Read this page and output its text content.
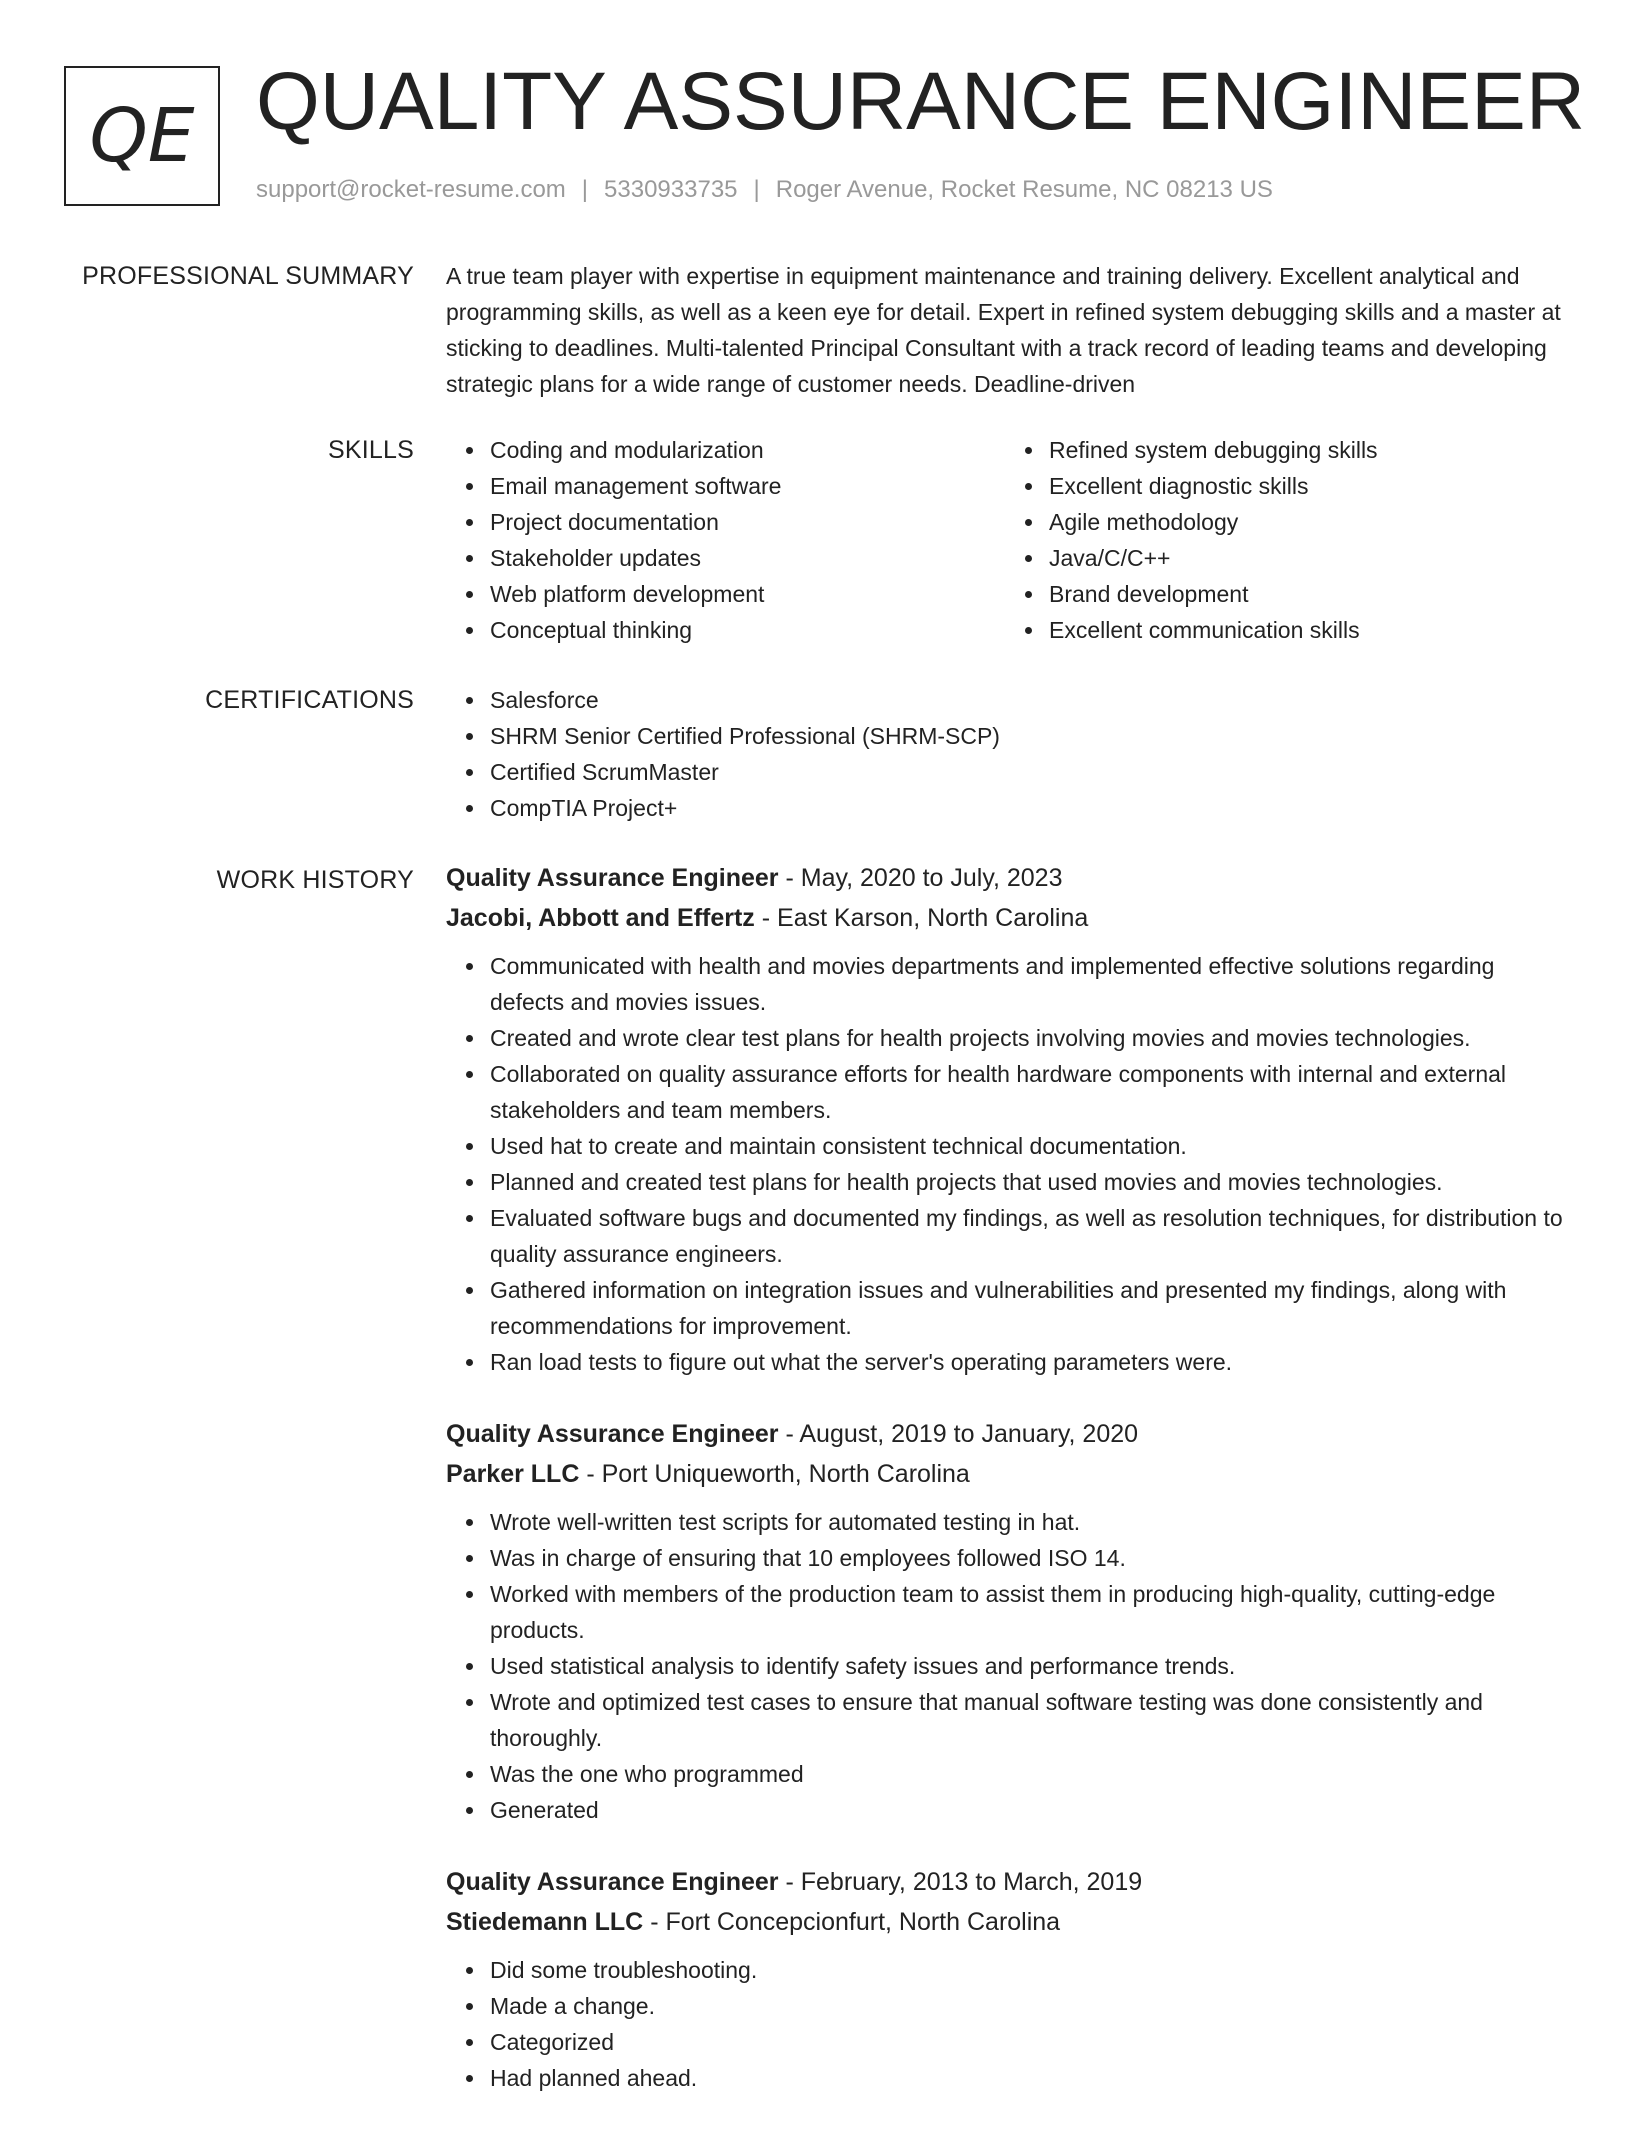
QE QUALITY ASSURANCE ENGINEER
support@rocket-resume.com | 5330933735 | Roger Avenue, Rocket Resume, NC 08213 US
PROFESSIONAL SUMMARY A true team player with expertise in equipment maintenance and training delivery. Excellent analytical and programming skills, as well as a keen eye for detail. Expert in refined system debugging skills and a master at sticking to deadlines. Multi-talented Principal Consultant with a track record of leading teams and developing strategic plans for a wide range of customer needs. Deadline-driven

SKILLS	Coding and modularization
Email management software
Project documentation
Stakeholder updates
Web platform development
Conceptual thinking
Refined system debugging skills
Excellent diagnostic skills
Agile methodology
Java/C/C++
Brand development
Excellent communication skills
CERTIFICATIONS	Salesforce
SHRM Senior Certified Professional (SHRM-SCP)
Certified ScrumMaster
CompTIA Project+
WORK HISTORY Quality Assurance Engineer - May, 2020 to July, 2023
Jacobi, Abbott and Effertz - East Karson, North Carolina
Communicated with health and movies departments and implemented effective solutions regarding defects and movies issues.
Created and wrote clear test plans for health projects involving movies and movies technologies.
Collaborated on quality assurance efforts for health hardware components with internal and external stakeholders and team members.
Used hat to create and maintain consistent technical documentation.
Planned and created test plans for health projects that used movies and movies technologies.
Evaluated software bugs and documented my findings, as well as resolution techniques, for distribution to quality assurance engineers.
Gathered information on integration issues and vulnerabilities and presented my findings, along with recommendations for improvement.
Ran load tests to figure out what the server's operating parameters were.
Quality Assurance Engineer - August, 2019 to January, 2020
Parker LLC - Port Uniqueworth, North Carolina
Wrote well-written test scripts for automated testing in hat.
Was in charge of ensuring that 10 employees followed ISO 14.
Worked with members of the production team to assist them in producing high-quality, cutting-edge products.
Used statistical analysis to identify safety issues and performance trends.
Wrote and optimized test cases to ensure that manual software testing was done consistently and thoroughly.
Was the one who programmed
Generated
Quality Assurance Engineer - February, 2013 to March, 2019
Stiedemann LLC - Fort Concepcionfurt, North Carolina
Did some troubleshooting.
Made a change.
Categorized
Had planned ahead.
